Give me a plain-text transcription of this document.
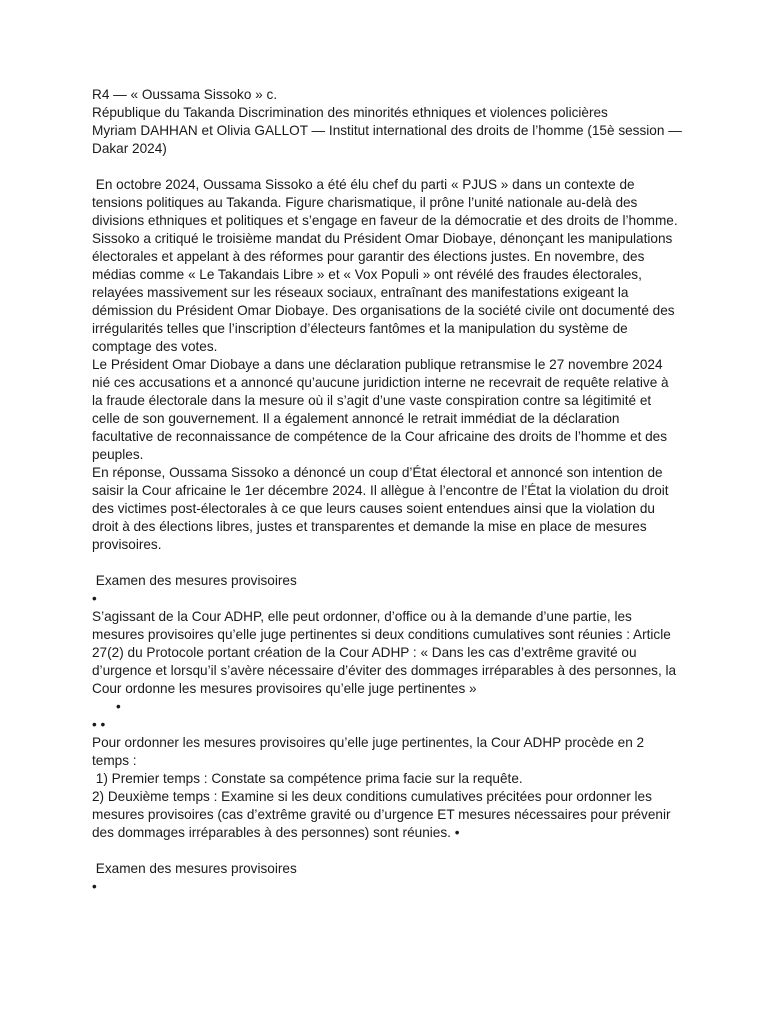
R4 — « Oussama Sissoko » c.
République du Takanda Discrimination des minorités ethniques et violences policières
Myriam DAHHAN et Olivia GALLOT — Institut international des droits de l’homme (15è session — Dakar 2024)

En octobre 2024, Oussama Sissoko a été élu chef du parti « PJUS » dans un contexte de tensions politiques au Takanda. Figure charismatique, il prône l’unité nationale au-delà des divisions ethniques et politiques et s’engage en faveur de la démocratie et des droits de l’homme.

Sissoko a critiqué le troisième mandat du Président Omar Diobaye, dénonçant les manipulations électorales et appelant à des réformes pour garantir des élections justes. En novembre, des médias comme « Le Takandais Libre » et « Vox Populi » ont révélé des fraudes électorales, relayées massivement sur les réseaux sociaux, entraînant des manifestations exigeant la démission du Président Omar Diobaye. Des organisations de la société civile ont documenté des irrégularités telles que l’inscription d’électeurs fantômes et la manipulation du système de comptage des votes.

Le Président Omar Diobaye a dans une déclaration publique retransmise le 27 novembre 2024 nié ces accusations et a annoncé qu’aucune juridiction interne ne recevrait de requête relative à la fraude électorale dans la mesure où il s’agit d’une vaste conspiration contre sa légitimité et celle de son gouvernement. Il a également annoncé le retrait immédiat de la déclaration facultative de reconnaissance de compétence de la Cour africaine des droits de l’homme et des peuples.

En réponse, Oussama Sissoko a dénoncé un coup d’État électoral et annoncé son intention de saisir la Cour africaine le 1er décembre 2024. Il allègue à l’encontre de l’État la violation du droit des victimes post-électorales à ce que leurs causes soient entendues ainsi que la violation du droit à des élections libres, justes et transparentes et demande la mise en place de mesures provisoires.

Examen des mesures provisoires
•

S’agissant de la Cour ADHP, elle peut ordonner, d’office ou à la demande d’une partie, les mesures provisoires qu’elle juge pertinentes si deux conditions cumulatives sont réunies : Article 27(2) du Protocole portant création de la Cour ADHP : « Dans les cas d’extrême gravité ou d’urgence et lorsqu’il s’avère nécessaire d’éviter des dommages irréparables à des personnes, la Cour ordonne les mesures provisoires qu’elle juge pertinentes »

•
• •

Pour ordonner les mesures provisoires qu’elle juge pertinentes, la Cour ADHP procède en 2 temps :

1) Premier temps : Constate sa compétence prima facie sur la requête.

2) Deuxième temps : Examine si les deux conditions cumulatives précitées pour ordonner les mesures provisoires (cas d’extrême gravité ou d’urgence ET mesures nécessaires pour prévenir des dommages irréparables à des personnes) sont réunies. •

Examen des mesures provisoires
•
